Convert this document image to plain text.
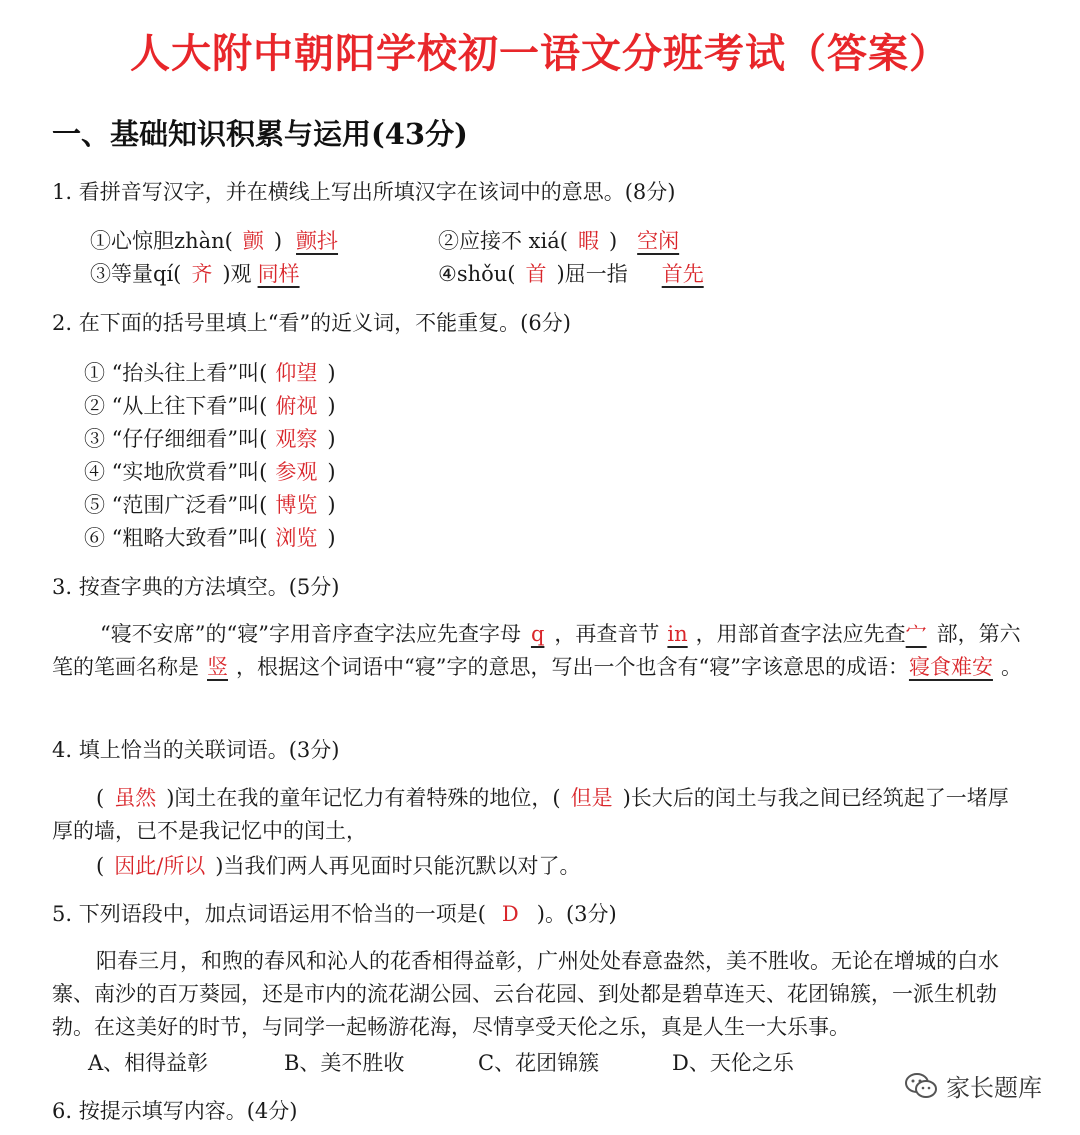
人大附中朝阳学校初一语文分班考试（答案）
一、基础知识积累与运用(43分)
1. 看拼音写汉字，并在横线上写出所填汉字在该词中的意思。(8分)
①心惊胆zhàn( 颤 ) 颤抖	②应接不 xiá( 暇 ) 空闲
③等量qí( 齐 )观 同样	④shǒu( 首 )屈一指 首先
2. 在下面的括号里填上“看”的近义词，不能重复。(6分)
① “抬头往上看”叫( 仰望 )
② “从上往下看”叫( 俯视 )
③ “仔仔细细看”叫( 观察 )
④ “实地欣赏看”叫( 参观 )
⑤ “范围广泛看”叫( 博览 )
⑥ “粗略大致看”叫( 浏览 )
3. 按查字典的方法填空。(5分)
“寝不安席”的“寝”字用音序查字法应先查字母 q ，再查音节 in ，用部首查字法应先查宀 部，第六笔的笔画名称是 竖 ，根据这个词语中“寝”字的意思，写出一个也含有“寝”字该意思的成语：寝食难安 。
4. 填上恰当的关联词语。(3分)
( 虽然 )闰土在我的童年记忆力有着特殊的地位，( 但是 )长大后的闰土与我之间已经筑起了一堵厚厚的墙，已不是我记忆中的闰土，
( 因此/所以 )当我们两人再见面时只能沉默以对了。
5. 下列语段中，加点词语运用不恰当的一项是( D )。(3分)
阳春三月，和煦的春风和沁人的花香相得益彰，广州处处春意盎然，美不胜收。无论在增城的白水寨、南沙的百万葵园，还是市内的流花湖公园、云台花园、到处都是碧草连天、花团锦簇，一派生机勃勃。在这美好的时节，与同学一起畅游花海，尽情享受天伦之乐，真是人生一大乐事。
A、相得益彰	B、美不胜收	C、花团锦簇	D、天伦之乐
6. 按提示填写内容。(4分)
家长题库
